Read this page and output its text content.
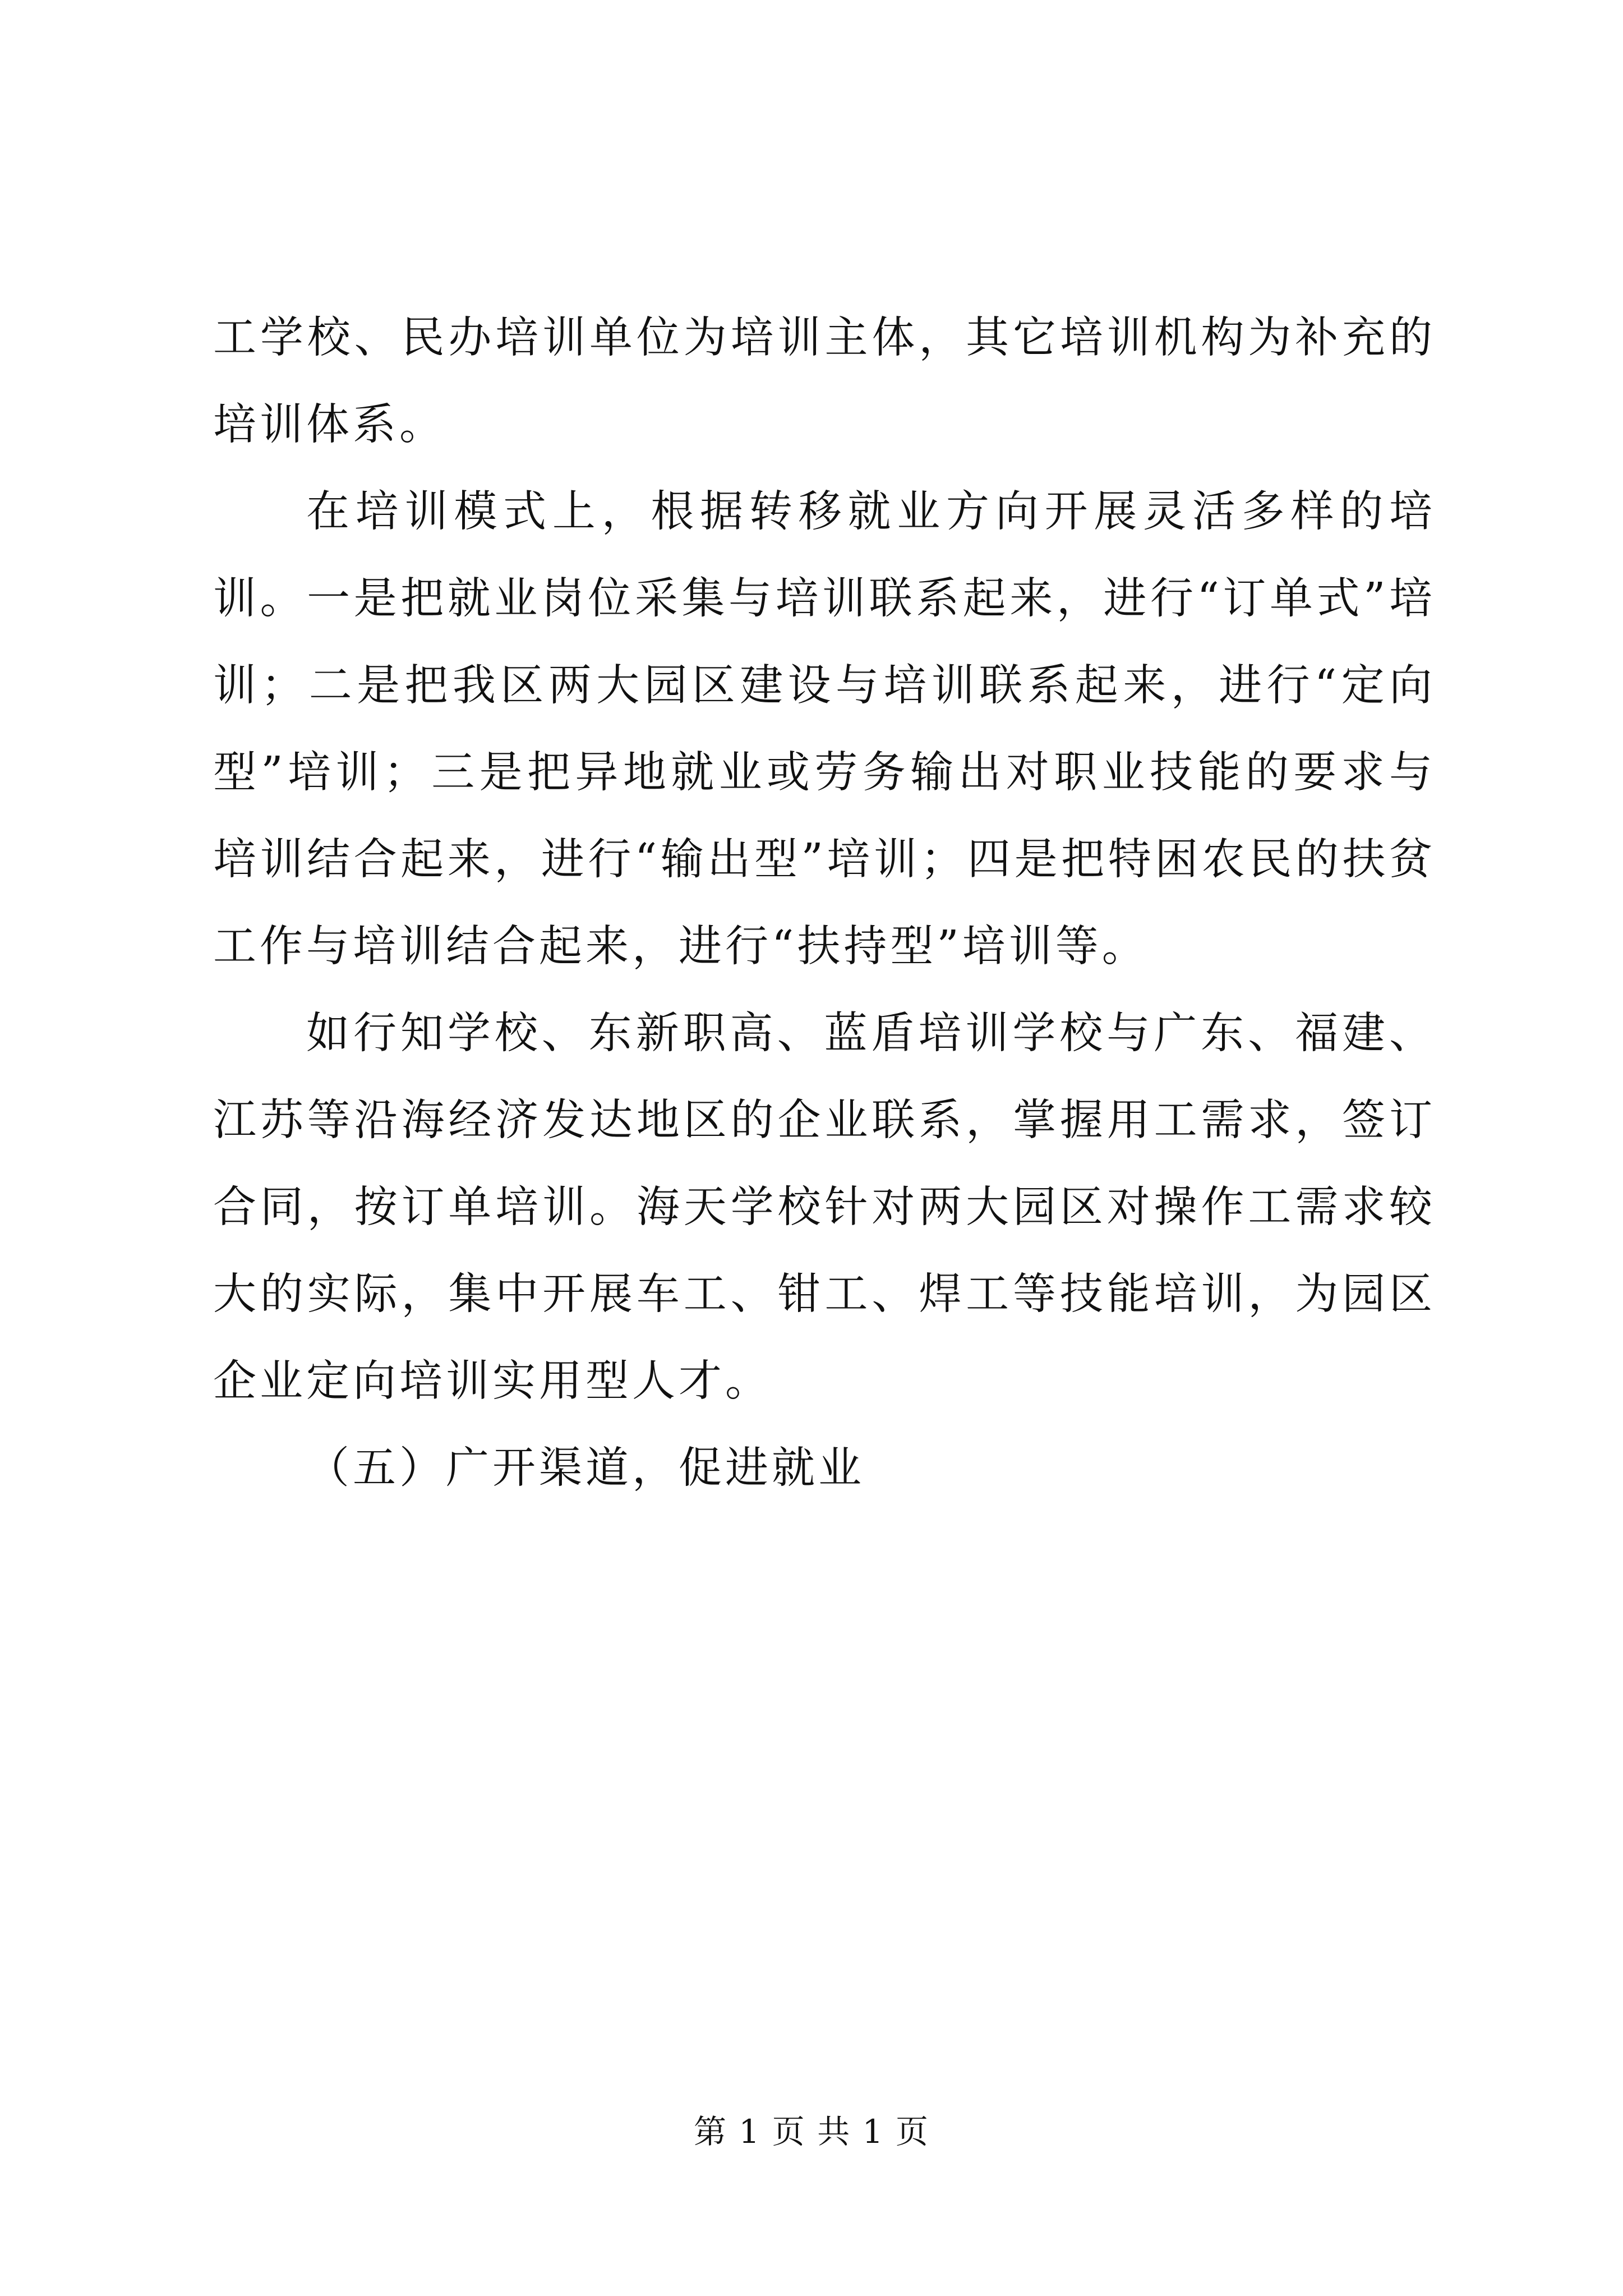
工学校、民办培训单位为培训主体，其它培训机构为补充的培训体系。

在培训模式上，根据转移就业方向开展灵活多样的培训。一是把就业岗位采集与培训联系起来，进行“订单式”培训；二是把我区两大园区建设与培训联系起来，进行“定向型”培训；三是把异地就业或劳务输出对职业技能的要求与培训结合起来，进行“输出型”培训；四是把特困农民的扶贫工作与培训结合起来，进行“扶持型”培训等。

如行知学校、东新职高、蓝盾培训学校与广东、福建、江苏等沿海经济发达地区的企业联系，掌握用工需求，签订合同，按订单培训。海天学校针对两大园区对操作工需求较大的实际，集中开展车工、钳工、焊工等技能培训，为园区企业定向培训实用型人才。

（五）广开渠道，促进就业

第 1 页 共 1 页
